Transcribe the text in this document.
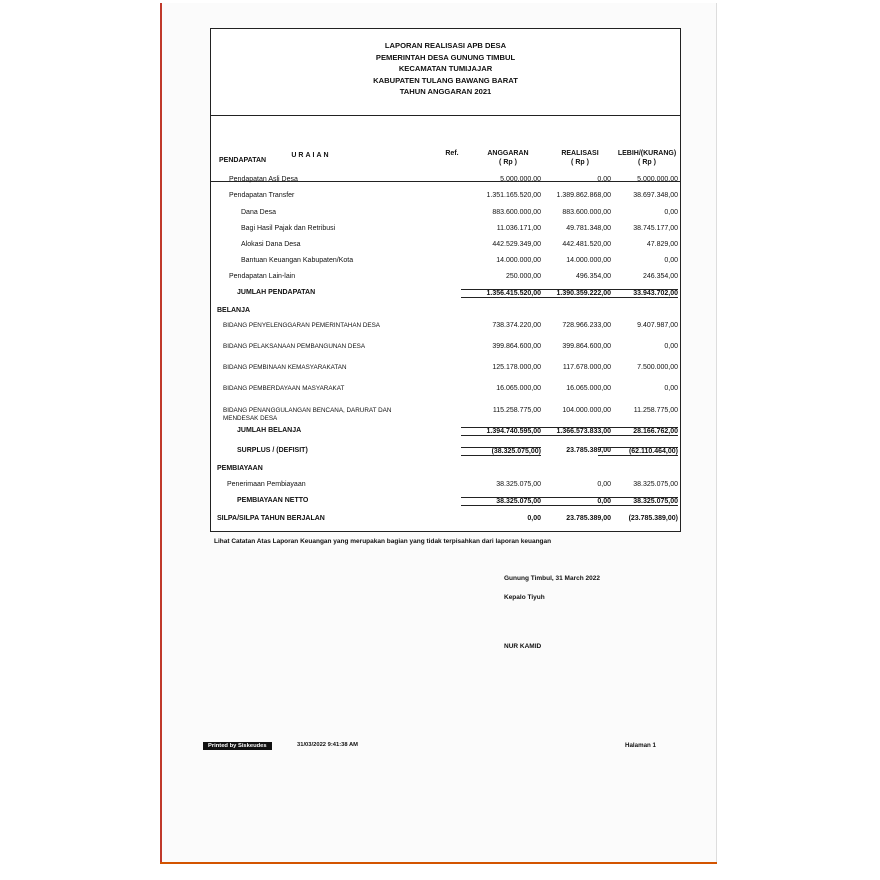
LAPORAN REALISASI APB DESA
PEMERINTAH DESA GUNUNG TIMBUL
KECAMATAN TUMIJAJAR
KABUPATEN TULANG BAWANG BARAT
TAHUN ANGGARAN 2021
URAIAN	Ref.	ANGGARAN
( Rp )
REALISASI
( Rp )
LEBIH/(KURANG)
( Rp )
PENDAPATAN
Pendapatan Asli Desa	5.000.000,00	0,00	5.000.000,00
Pendapatan Transfer	1.351.165.520,00	1.389.862.868,00	38.697.348,00
Dana Desa	883.600.000,00	883.600.000,00	0,00
Bagi Hasil Pajak dan Retribusi	11.036.171,00	49.781.348,00	38.745.177,00
Alokasi Dana Desa	442.529.349,00	442.481.520,00	47.829,00
Bantuan Keuangan Kabupaten/Kota	14.000.000,00	14.000.000,00	0,00
Pendapatan Lain-lain	250.000,00	496.354,00	246.354,00
JUMLAH PENDAPATAN	1.356.415.520,00	1.390.359.222,00	33.943.702,00
BELANJA
BIDANG PENYELENGGARAN PEMERINTAHAN DESA	738.374.220,00	728.966.233,00	9.407.987,00
BIDANG PELAKSANAAN PEMBANGUNAN DESA	399.864.600,00	399.864.600,00	0,00
BIDANG PEMBINAAN KEMASYARAKATAN	125.178.000,00	117.678.000,00	7.500.000,00
BIDANG PEMBERDAYAAN MASYARAKAT	16.065.000,00	16.065.000,00	0,00
BIDANG PENANGGULANGAN BENCANA, DARURAT DAN
MENDESAK DESA
115.258.775,00	104.000.000,00	11.258.775,00
JUMLAH BELANJA	1.394.740.595,00	1.366.573.833,00	28.166.762,00
SURPLUS / (DEFISIT)	(38.325.075,00)	23.785.389,00	(62.110.464,00)
PEMBIAYAAN
Penerimaan Pembiayaan	38.325.075,00	0,00	38.325.075,00
PEMBIAYAAN NETTO	38.325.075,00	0,00	38.325.075,00
SILPA/SILPA TAHUN BERJALAN	0,00	23.785.389,00	(23.785.389,00)
Lihat Catatan Atas Laporan Keuangan yang merupakan bagian yang tidak terpisahkan dari laporan keuangan
Gunung Timbul, 31 March 2022
Kepalo Tiyuh
NUR KAMID
Printed by Siskeudes	31/03/2022 9:41:38 AM	Halaman 1
